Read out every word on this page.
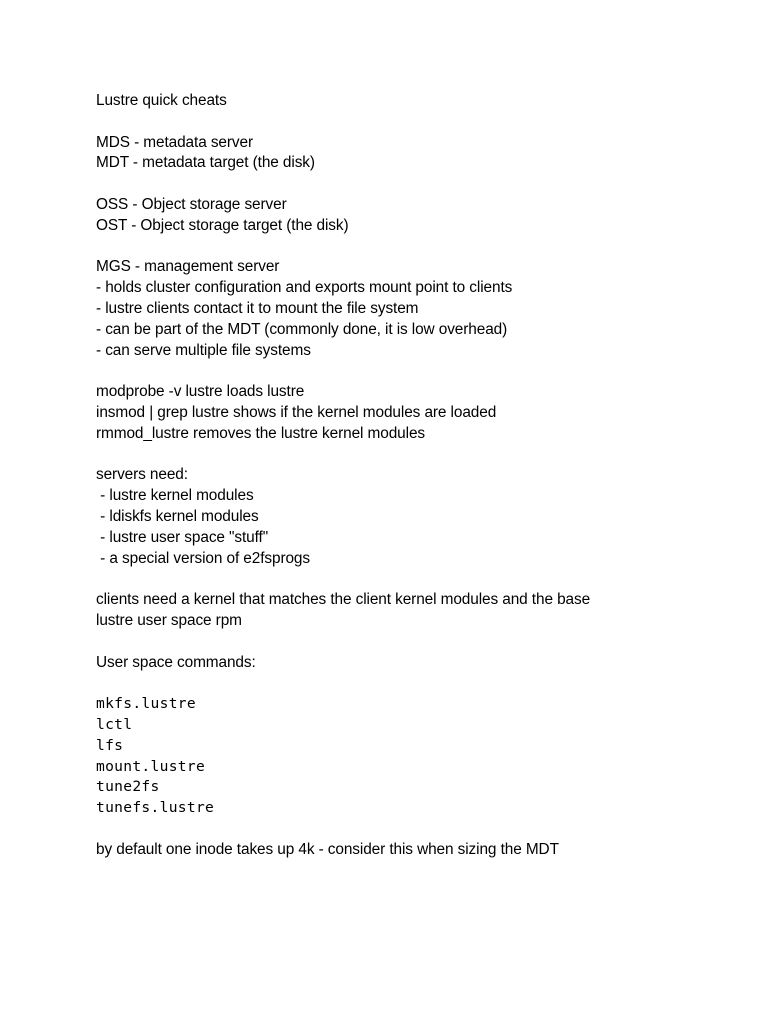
Lustre quick cheats
MDS - metadata server
MDT - metadata target (the disk)
OSS - Object storage server
OST - Object storage target (the disk)
MGS - management server
- holds cluster configuration and exports mount point to clients
- lustre clients contact it to mount the file system
- can be part of the MDT (commonly done, it is low overhead)
- can serve multiple file systems
modprobe -v lustre loads lustre
insmod | grep lustre shows if the kernel modules are loaded
rmmod_lustre removes the lustre kernel modules
servers need:
- lustre kernel modules
- ldiskfs kernel modules
- lustre user space "stuff"
- a special version of e2fsprogs
clients need a kernel that matches the client kernel modules and the base
lustre user space rpm
User space commands:
mkfs.lustre
lctl
lfs
mount.lustre
tune2fs
tunefs.lustre
by default one inode takes up 4k - consider this when sizing the MDT
